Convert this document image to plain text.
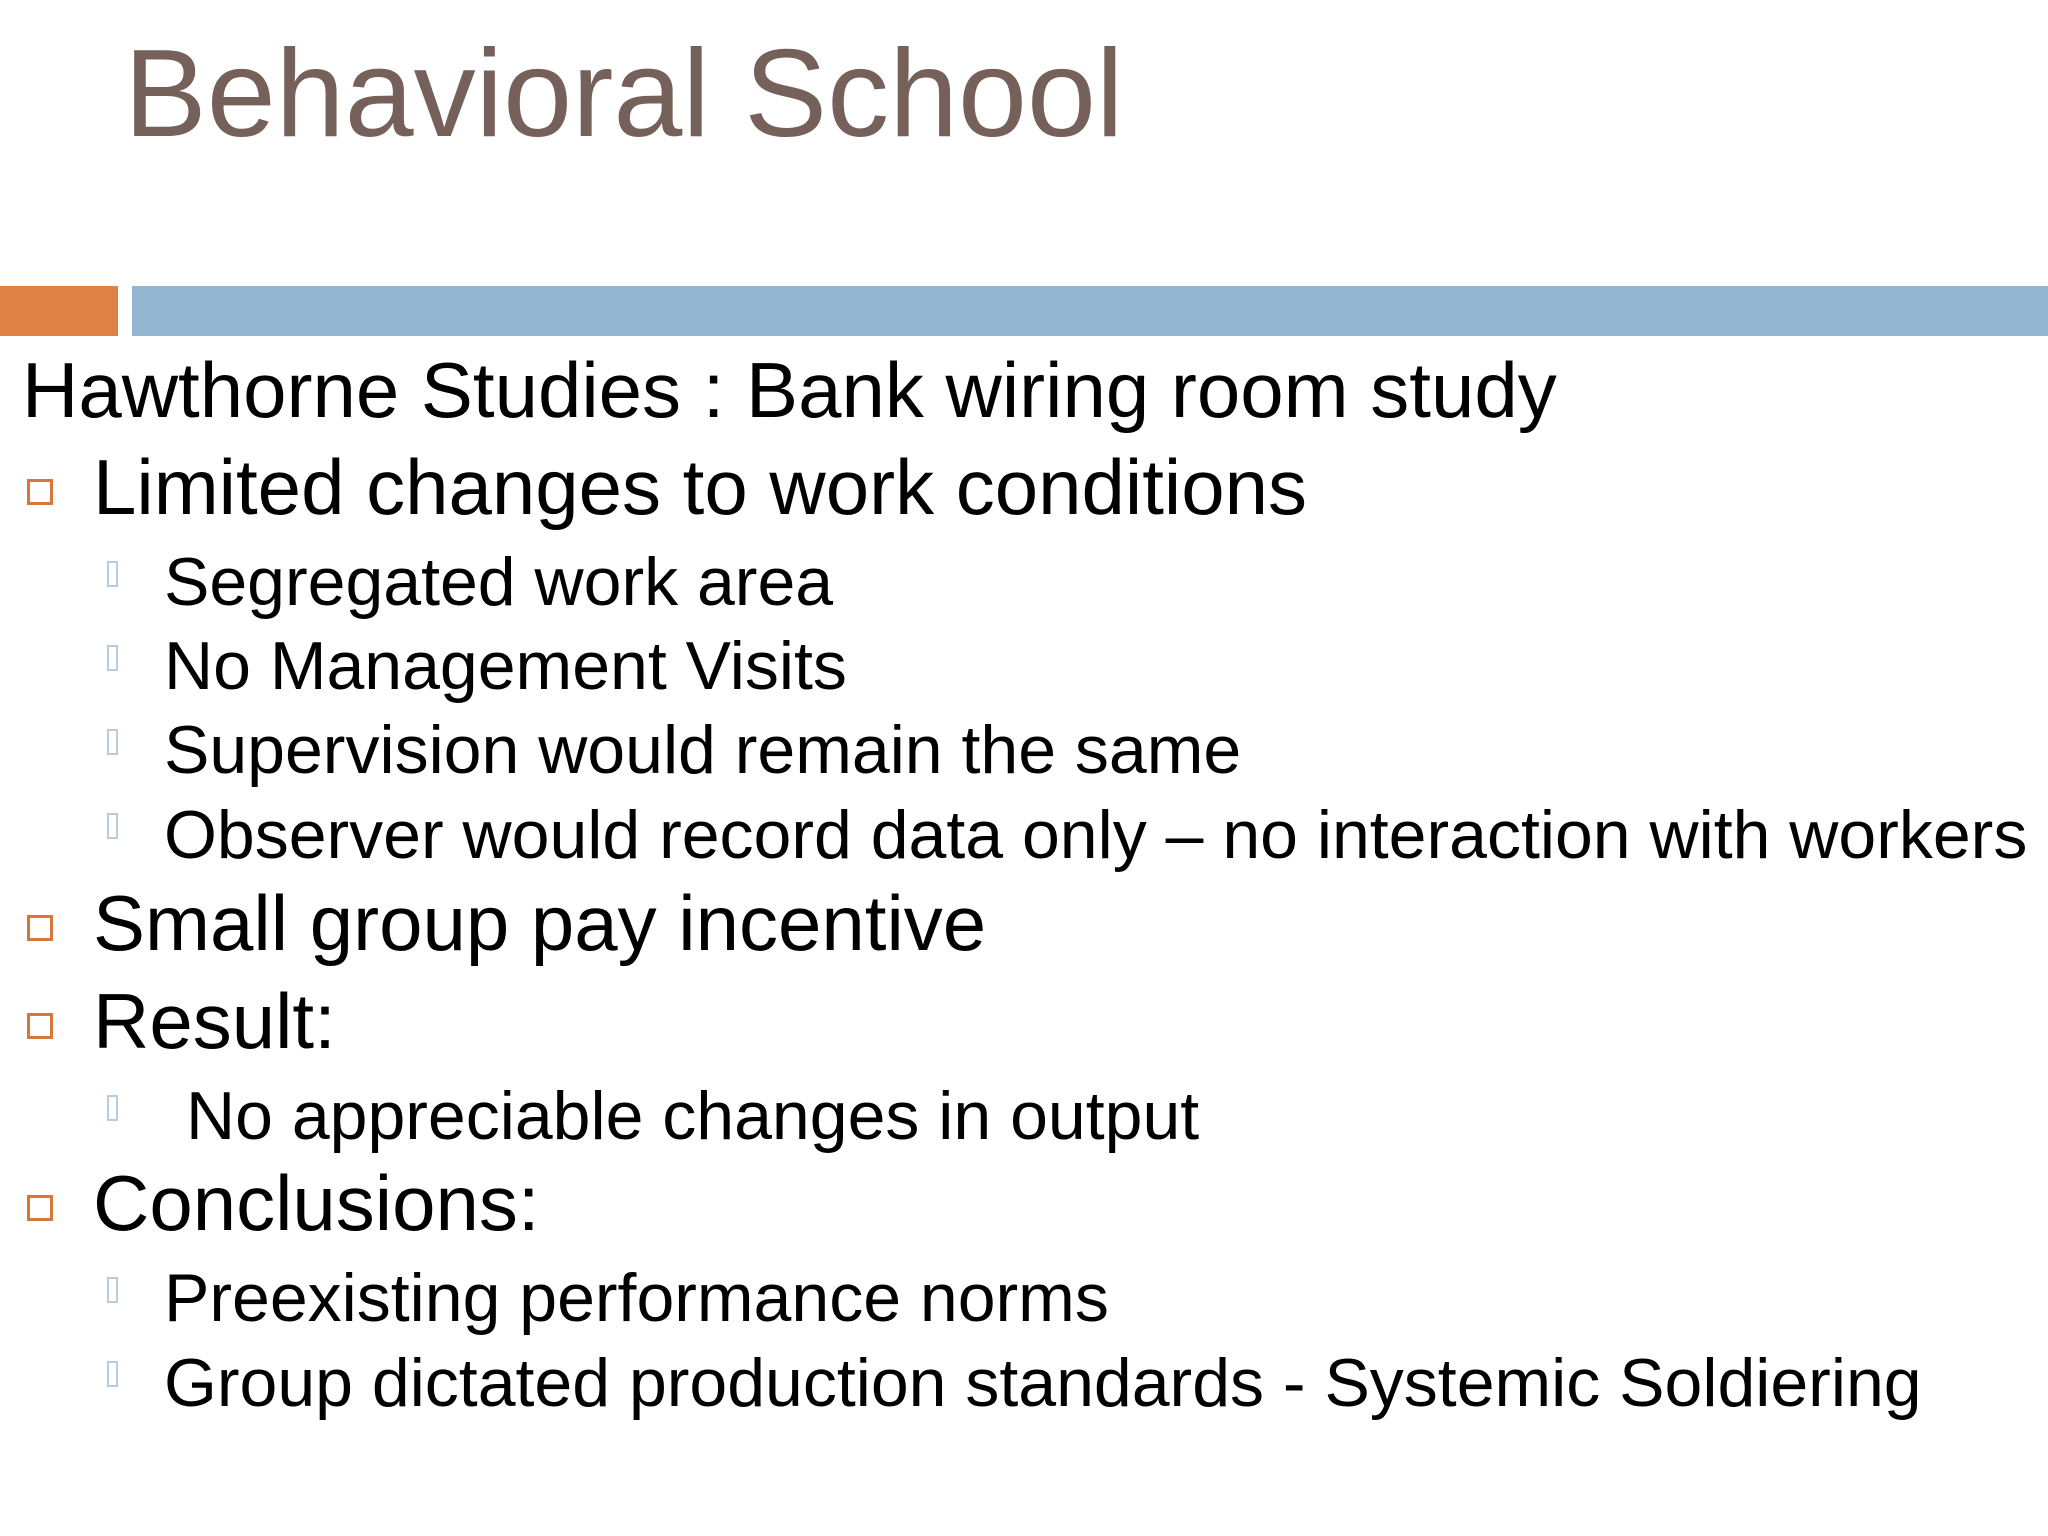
Behavioral School
Hawthorne Studies : Bank wiring room study
Limited changes to work conditions
Segregated work area
No Management Visits
Supervision would remain the same
Observer would record data only – no interaction with workers
Small group pay incentive
Result:
No appreciable changes in output
Conclusions:
Preexisting performance norms
Group dictated production standards - Systemic Soldiering
